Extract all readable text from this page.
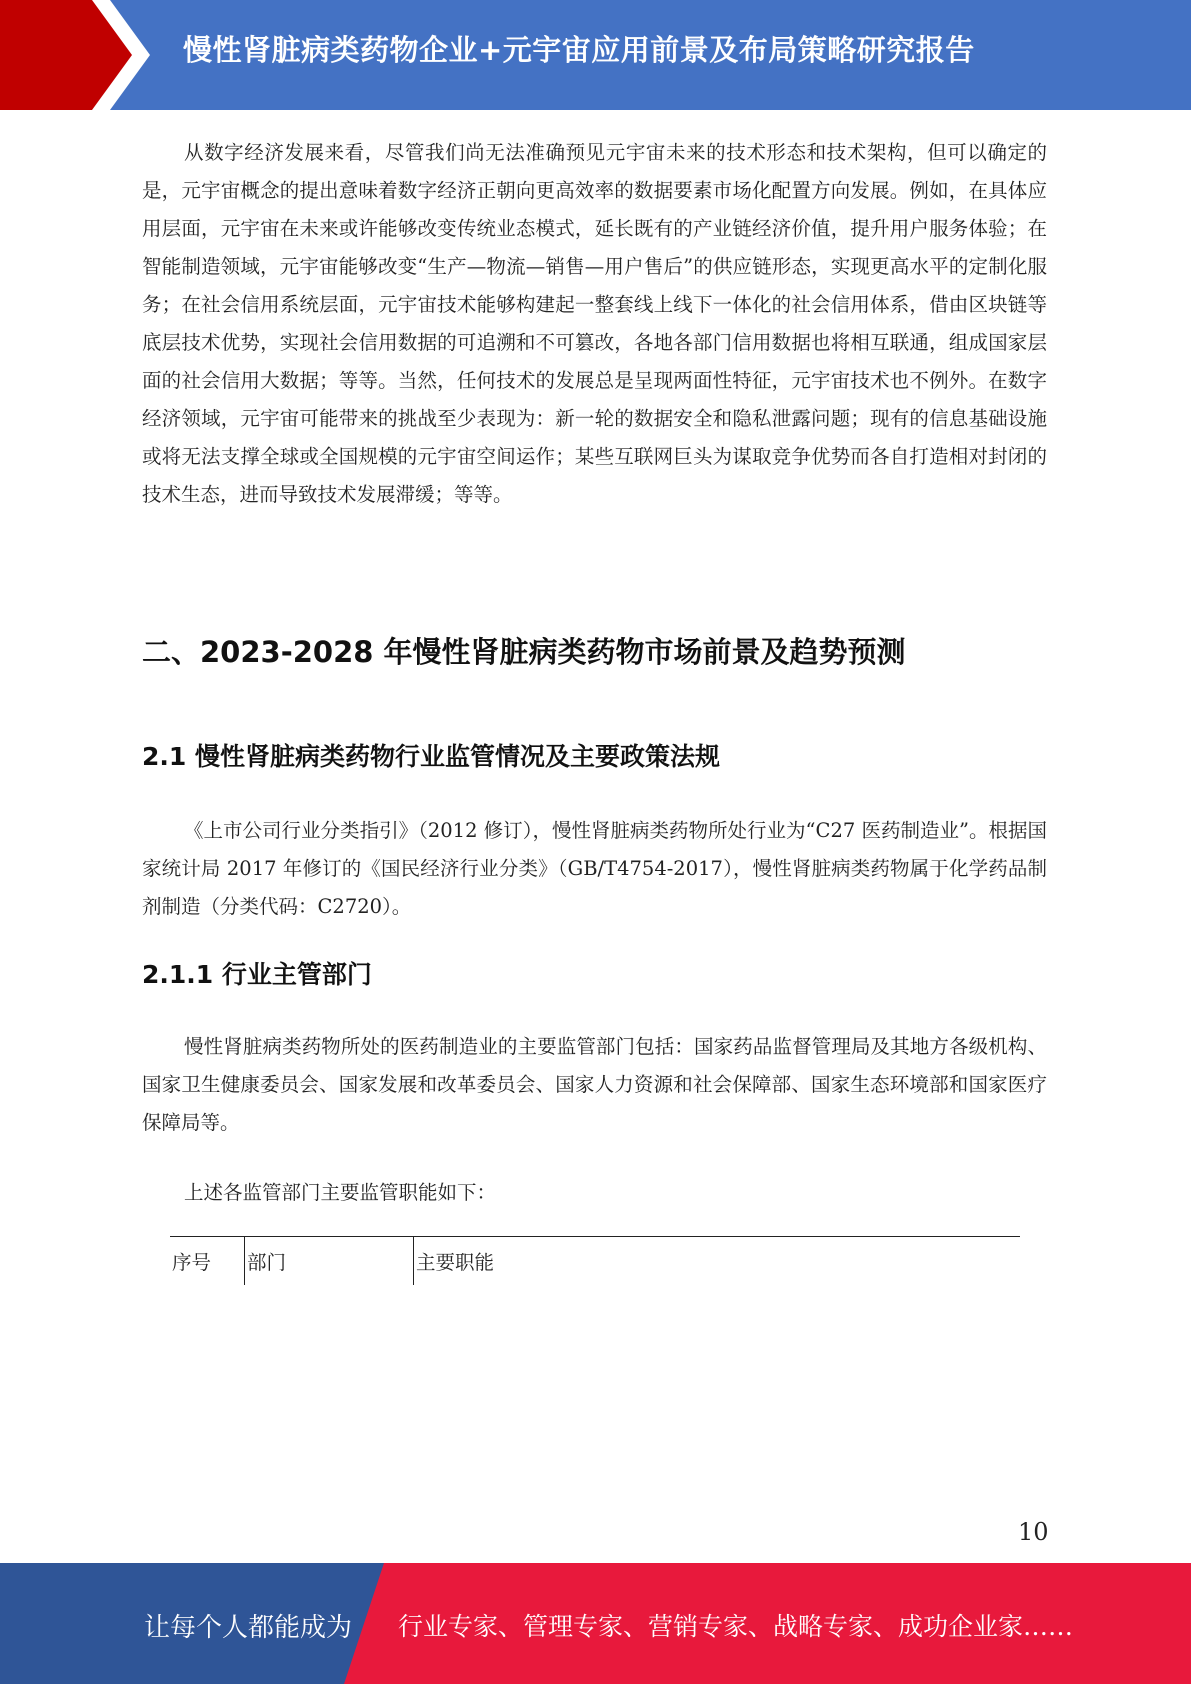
慢性肾脏病类药物企业+元宇宙应用前景及布局策略研究报告

从数字经济发展来看，尽管我们尚无法准确预见元宇宙未来的技术形态和技术架构，但可以确定的是，元宇宙概念的提出意味着数字经济正朝向更高效率的数据要素市场化配置方向发展。例如，在具体应用层面，元宇宙在未来或许能够改变传统业态模式，延长既有的产业链经济价值，提升用户服务体验；在智能制造领域，元宇宙能够改变“生产—物流—销售—用户售后”的供应链形态，实现更高水平的定制化服务；在社会信用系统层面，元宇宙技术能够构建起一整套线上线下一体化的社会信用体系，借由区块链等底层技术优势，实现社会信用数据的可追溯和不可篡改，各地各部门信用数据也将相互联通，组成国家层面的社会信用大数据；等等。当然，任何技术的发展总是呈现两面性特征，元宇宙技术也不例外。在数字经济领域，元宇宙可能带来的挑战至少表现为：新一轮的数据安全和隐私泄露问题；现有的信息基础设施或将无法支撑全球或全国规模的元宇宙空间运作；某些互联网巨头为谋取竞争优势而各自打造相对封闭的技术生态，进而导致技术发展滞缓；等等。

二、2023-2028 年慢性肾脏病类药物市场前景及趋势预测
2.1 慢性肾脏病类药物行业监管情况及主要政策法规

《上市公司行业分类指引》（2012 修订），慢性肾脏病类药物所处行业为“C27 医药制造业”。根据国家统计局 2017 年修订的《国民经济行业分类》（GB/T4754-2017），慢性肾脏病类药物属于化学药品制剂制造（分类代码：C2720）。

2.1.1 行业主管部门

慢性肾脏病类药物所处的医药制造业的主要监管部门包括：国家药品监督管理局及其地方各级机构、国家卫生健康委员会、国家发展和改革委员会、国家人力资源和社会保障部、国家生态环境部和国家医疗保障局等。

上述各监管部门主要监管职能如下：

序号	部门	主要职能
10
让每个人都能成为 行业专家、管理专家、营销专家、战略专家、成功企业家……
